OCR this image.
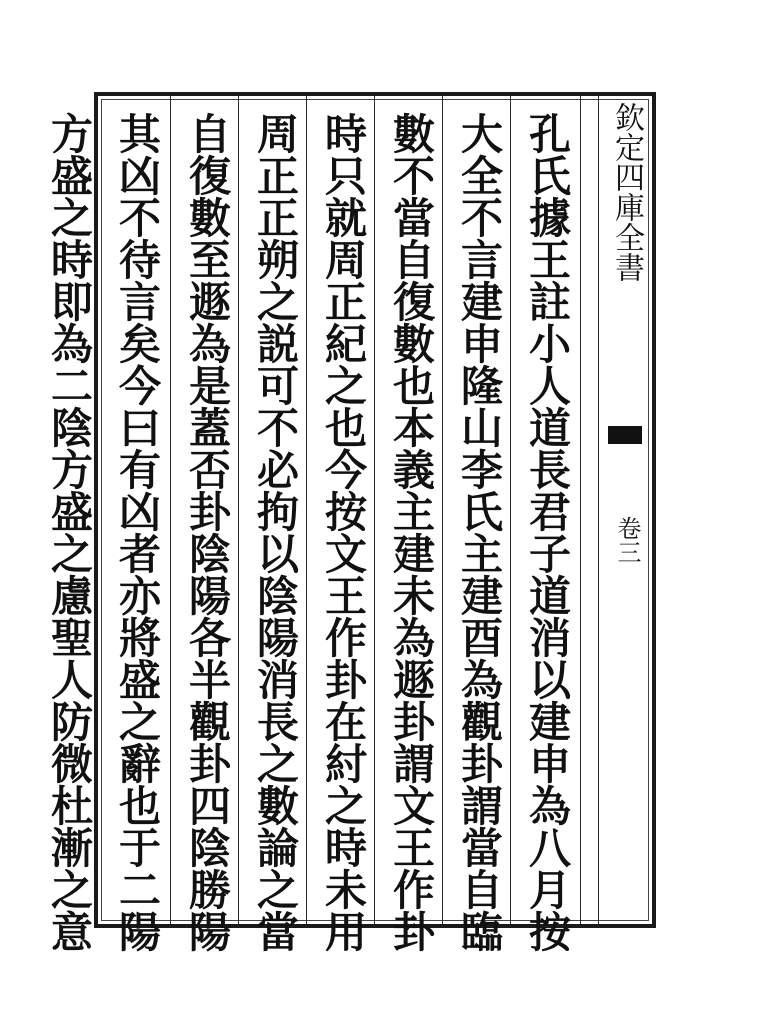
欽定四庫全書
卷三
孔氏據王註小人道長君子道消以建申為八月按
大全不言建申隆山李氏主建酉為觀卦謂當自臨
數不當自復數也本義主建未為遯卦謂文王作卦
時只就周正紀之也今按文王作卦在紂之時未用
周正正朔之説可不必拘以陰陽消長之數論之當
自復數至遯為是蓋否卦陰陽各半觀卦四陰勝陽
其凶不待言矣今曰有凶者亦將盛之辭也于二陽
方盛之時即為二陰方盛之慮聖人防微杜漸之意
